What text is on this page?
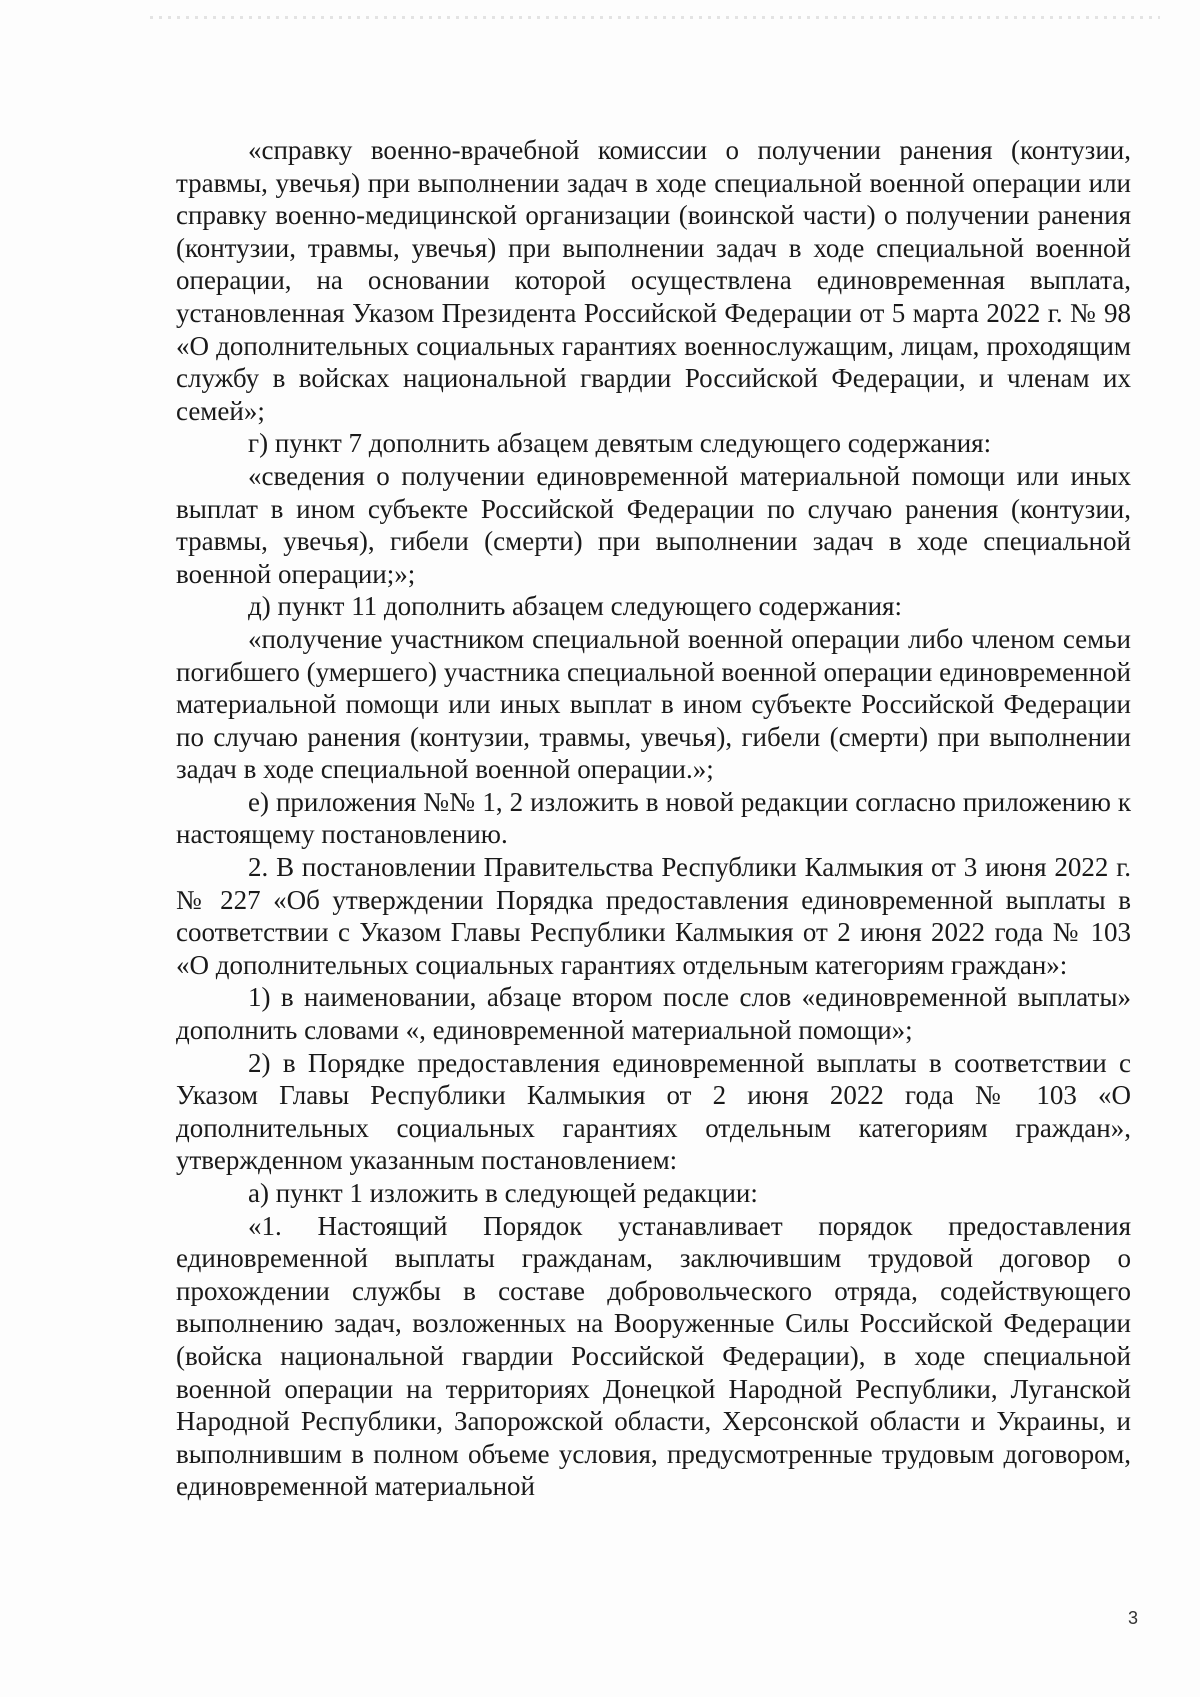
«справку военно-врачебной комиссии о получении ранения (контузии, травмы, увечья) при выполнении задач в ходе специальной военной операции или справку военно-медицинской организации (воинской части) о получении ранения (контузии, травмы, увечья) при выполнении задач в ходе специальной военной операции, на основании которой осуществлена единовременная выплата, установленная Указом Президента Российской Федерации от 5 марта 2022 г. № 98 «О дополнительных социальных гарантиях военнослужащим, лицам, проходящим службу в войсках национальной гвардии Российской Федерации, и членам их семей»;

г) пункт 7 дополнить абзацем девятым следующего содержания:

«сведения о получении единовременной материальной помощи или иных выплат в ином субъекте Российской Федерации по случаю ранения (контузии, травмы, увечья), гибели (смерти) при выполнении задач в ходе специальной военной операции;»;

д) пункт 11 дополнить абзацем следующего содержания:

«получение участником специальной военной операции либо членом семьи погибшего (умершего) участника специальной военной операции единовременной материальной помощи или иных выплат в ином субъекте Российской Федерации по случаю ранения (контузии, травмы, увечья), гибели (смерти) при выполнении задач в ходе специальной военной операции.»;

е) приложения №№ 1, 2 изложить в новой редакции согласно приложению к настоящему постановлению.

2. В постановлении Правительства Республики Калмыкия от 3 июня 2022 г. № 227 «Об утверждении Порядка предоставления единовременной выплаты в соответствии с Указом Главы Республики Калмыкия от 2 июня 2022 года № 103 «О дополнительных социальных гарантиях отдельным категориям граждан»:

1) в наименовании, абзаце втором после слов «единовременной выплаты» дополнить словами «, единовременной материальной помощи»;

2) в Порядке предоставления единовременной выплаты в соответствии с Указом Главы Республики Калмыкия от 2 июня 2022 года № 103 «О дополнительных социальных гарантиях отдельным категориям граждан», утвержденном указанным постановлением:

а) пункт 1 изложить в следующей редакции:

«1. Настоящий Порядок устанавливает порядок предоставления единовременной выплаты гражданам, заключившим трудовой договор о прохождении службы в составе добровольческого отряда, содействующего выполнению задач, возложенных на Вооруженные Силы Российской Федерации (войска национальной гвардии Российской Федерации), в ходе специальной военной операции на территориях Донецкой Народной Республики, Луганской Народной Республики, Запорожской области, Херсонской области и Украины, и выполнившим в полном объеме условия, предусмотренные трудовым договором, единовременной материальной

3
